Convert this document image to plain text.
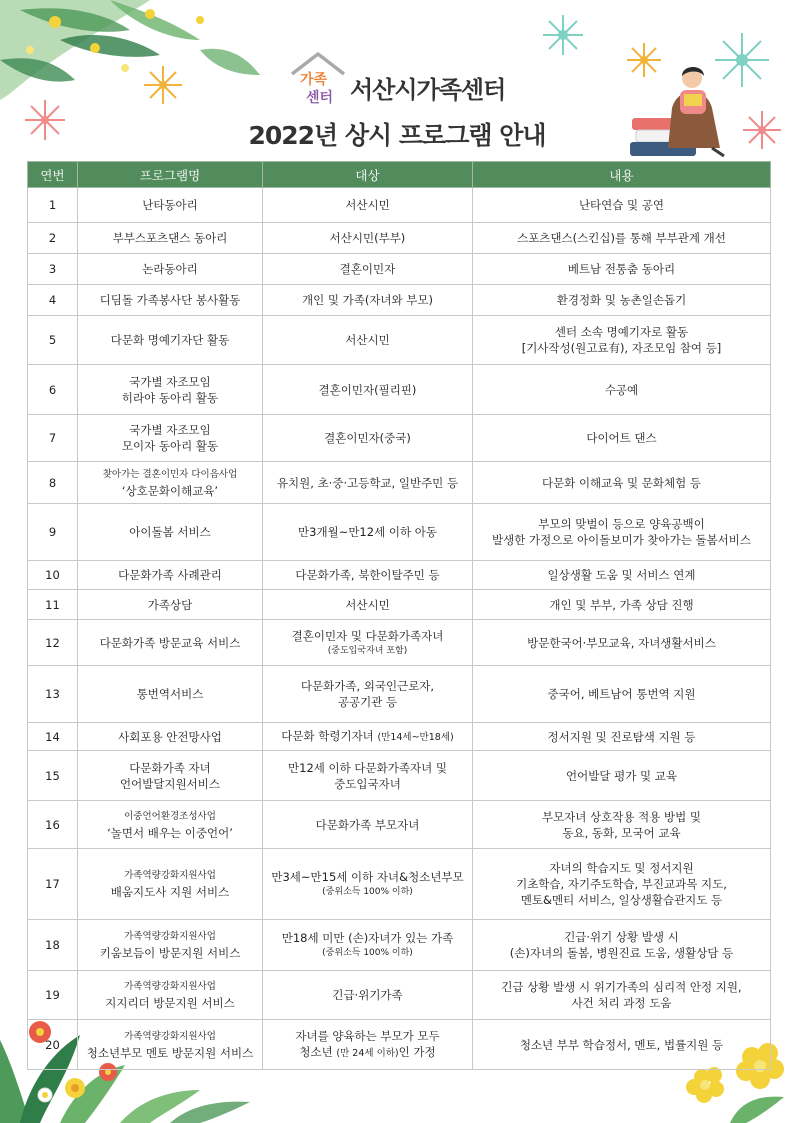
가족
센터 서산시가족센터
2022년 상시 프로그램 안내
연번	프로그램명	대상	내용
1	난타동아리	서산시민	난타연습 및 공연

2	부부스포츠댄스 동아리	서산시민(부부)	스포츠댄스(스킨십)를 통해 부부관계 개선

3	논라동아리	결혼이민자	베트남 전통춤 동아리

4	디딤돌 가족봉사단 봉사활동	개인 및 가족(자녀와 부모)	환경정화 및 농촌일손돕기

5	다문화 명예기자단 활동	서산시민	센터 소속 명예기자로 활동
[기사작성(원고료有), 자조모임 참여 등]

6	국가별 자조모임
히라야 동아리 활동	결혼이민자(필리핀)	수공예

7	국가별 자조모임
모이자 동아리 활동	결혼이민자(중국)	다이어트 댄스

8	찾아가는 결혼이민자 다이음사업
‘상호문화이해교육’	유치원, 초·중·고등학교, 일반주민 등	다문화 이해교육 및 문화체험 등

9	아이돌봄 서비스	만3개월~만12세 이하 아동	부모의 맞벌이 등으로 양육공백이
발생한 가정으로 아이돌보미가 찾아가는 돌봄서비스

10	다문화가족 사례관리	다문화가족, 북한이탈주민 등	일상생활 도움 및 서비스 연계

11	가족상담	서산시민	개인 및 부부, 가족 상담 진행

12	다문화가족 방문교육 서비스	결혼이민자 및 다문화가족자녀
(중도입국자녀 포함)	방문한국어·부모교육, 자녀생활서비스

13	통번역서비스	다문화가족, 외국인근로자,
공공기관 등	중국어, 베트남어 통번역 지원

14	사회포용 안전망사업	다문화 학령기자녀 (만14세~만18세)	정서지원 및 진로탐색 지원 등

15	다문화가족 자녀
언어발달지원서비스	만12세 이하 다문화가족자녀 및
중도입국자녀	언어발달 평가 및 교육

16	이중언어환경조성사업
‘놀면서 배우는 이중언어’	다문화가족 부모자녀	부모자녀 상호작용 적용 방법 및
동요, 동화, 모국어 교육

17	가족역량강화지원사업
배움지도사 지원 서비스	만3세~만15세 이하 자녀&청소년부모
(중위소득 100% 이하)	자녀의 학습지도 및 정서지원
기초학습, 자기주도학습, 부진교과목 지도,
멘토&멘티 서비스, 일상생활습관지도 등

18	가족역량강화지원사업
키움보듬이 방문지원 서비스	만18세 미만 (손)자녀가 있는 가족
(중위소득 100% 이하)	긴급·위기 상황 발생 시
(손)자녀의 돌봄, 병원진료 도움, 생활상담 등

19	가족역량강화지원사업
지지리더 방문지원 서비스	긴급·위기가족	긴급 상황 발생 시 위기가족의 심리적 안정 지원,
사건 처리 과정 도움

20	가족역량강화지원사업
청소년부모 멘토 방문지원 서비스	자녀를 양육하는 부모가 모두
청소년 (만 24세 이하)인 가정	청소년 부부 학습정서, 멘토, 법률지원 등
